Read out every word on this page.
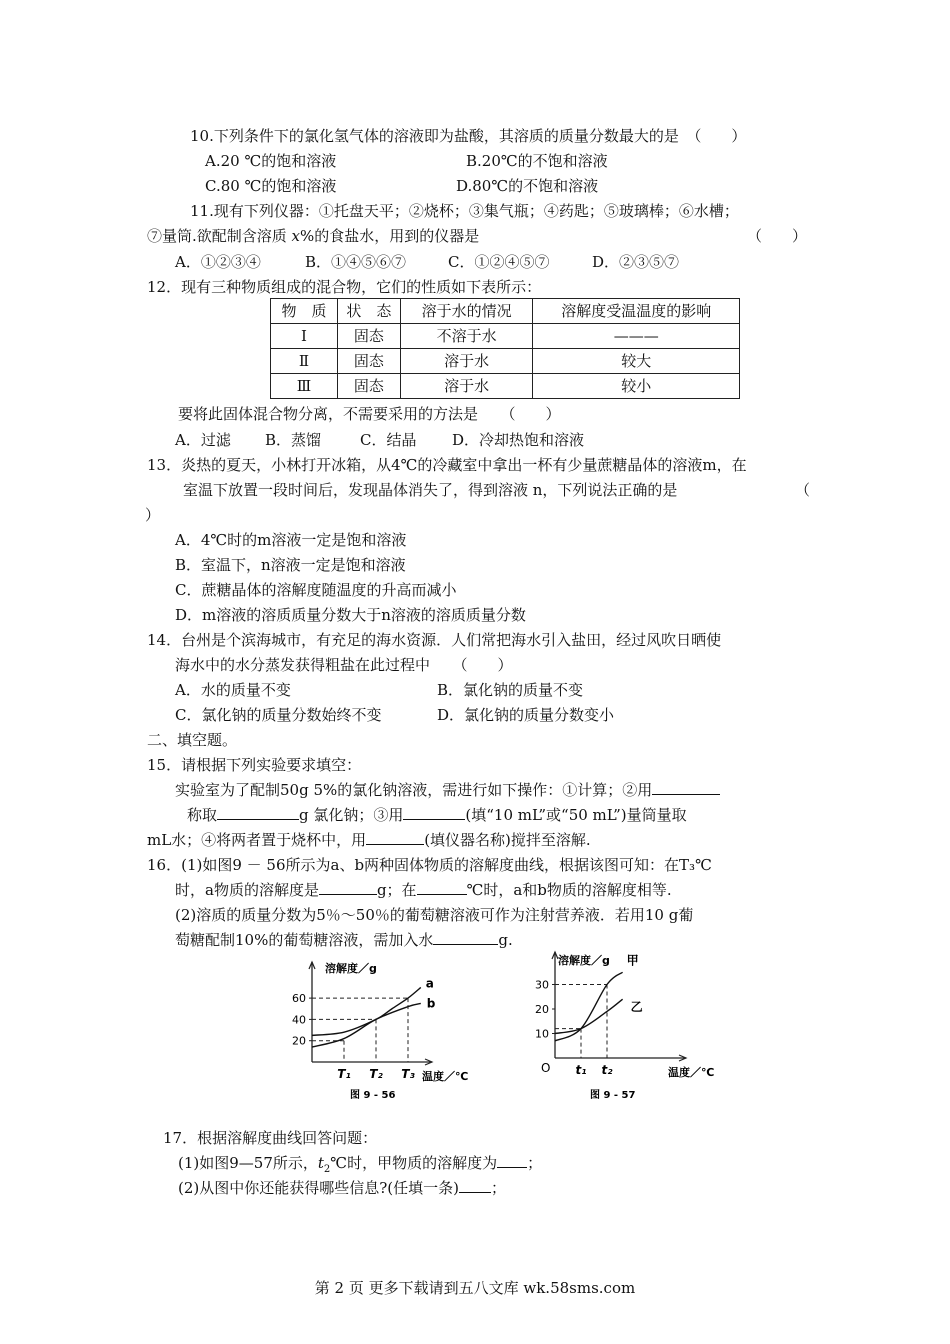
10.下列条件下的氯化氢气体的溶液即为盐酸，其溶质的质量分数最大的是　（　　）
A.20 ℃的饱和溶液	B.20℃的不饱和溶液
C.80 ℃的饱和溶液	D.80℃的不饱和溶液
11.现有下列仪器：①托盘天平；②烧杯；③集气瓶；④药匙；⑤玻璃棒；⑥水槽；
⑦量筒.欲配制含溶质 x%的食盐水，用到的仪器是	（　　）
A．①②③④	B．①④⑤⑥⑦	C．①②④⑤⑦	D．②③⑤⑦
12．现有三种物质组成的混合物，它们的性质如下表所示：
物　质	状　态	溶于水的情况	溶解度受温温度的影响
Ⅰ	固态	不溶于水	———
Ⅱ	固态	溶于水	较大
Ⅲ	固态	溶于水	较小
要将此固体混合物分离，不需要采用的方法是　　（　　）
A．过滤 B．蒸馏	C．结晶 D．冷却热饱和溶液
13．炎热的夏天，小林打开冰箱，从4℃的冷藏室中拿出一杯有少量蔗糖晶体的溶液m，在
室温下放置一段时间后，发现晶体消失了，得到溶液 n，下列说法正确的是	（
）
A．4℃时的m溶液一定是饱和溶液
B．室温下，n溶液一定是饱和溶液
C．蔗糖晶体的溶解度随温度的升高而减小
D．m溶液的溶质质量分数大于n溶液的溶质质量分数
14．台州是个滨海城市，有充足的海水资源．人们常把海水引入盐田，经过风吹日晒使
海水中的水分蒸发获得粗盐在此过程中　　（　　）
A．水的质量不变	B．氯化钠的质量不变
C．氯化钠的质量分数始终不变	D．氯化钠的质量分数变小
二、填空题。
15．请根据下列实验要求填空：
实验室为了配制50g 5%的氯化钠溶液，需进行如下操作：①计算；②用
称取	g 氯化钠；③用	(填“10 mL”或“50 mL”)量筒量取
mL水；④将两者置于烧杯中，用	(填仪器名称)搅拌至溶解.
16．(1)如图9 － 56所示为a、b两种固体物质的溶解度曲线，根据该图可知：在T₃℃
时，a物质的溶解度是	g；在	℃时，a和b物质的溶解度相等.
(2)溶质的质量分数为5％～50％的葡萄糖溶液可作为注射营养液．若用10 g葡
萄糖配制10%的葡萄糖溶液，需加入水	g.
溶解度／g
温度／℃
图 9 - 56
20
40
60
T₁ T₂ T₃
a
b
溶解度／g
温度／℃
图 9 - 57
O
10
20
30
t₁ t₂
甲
乙
17．根据溶解度曲线回答问题：
(1)如图9—57所示，$t_2℃$时，甲物质的溶解度为 ；
(2)从图中你还能获得哪些信息?(任填一条) ；
第 2 页 更多下载请到五八文库 wk.58sms.com
